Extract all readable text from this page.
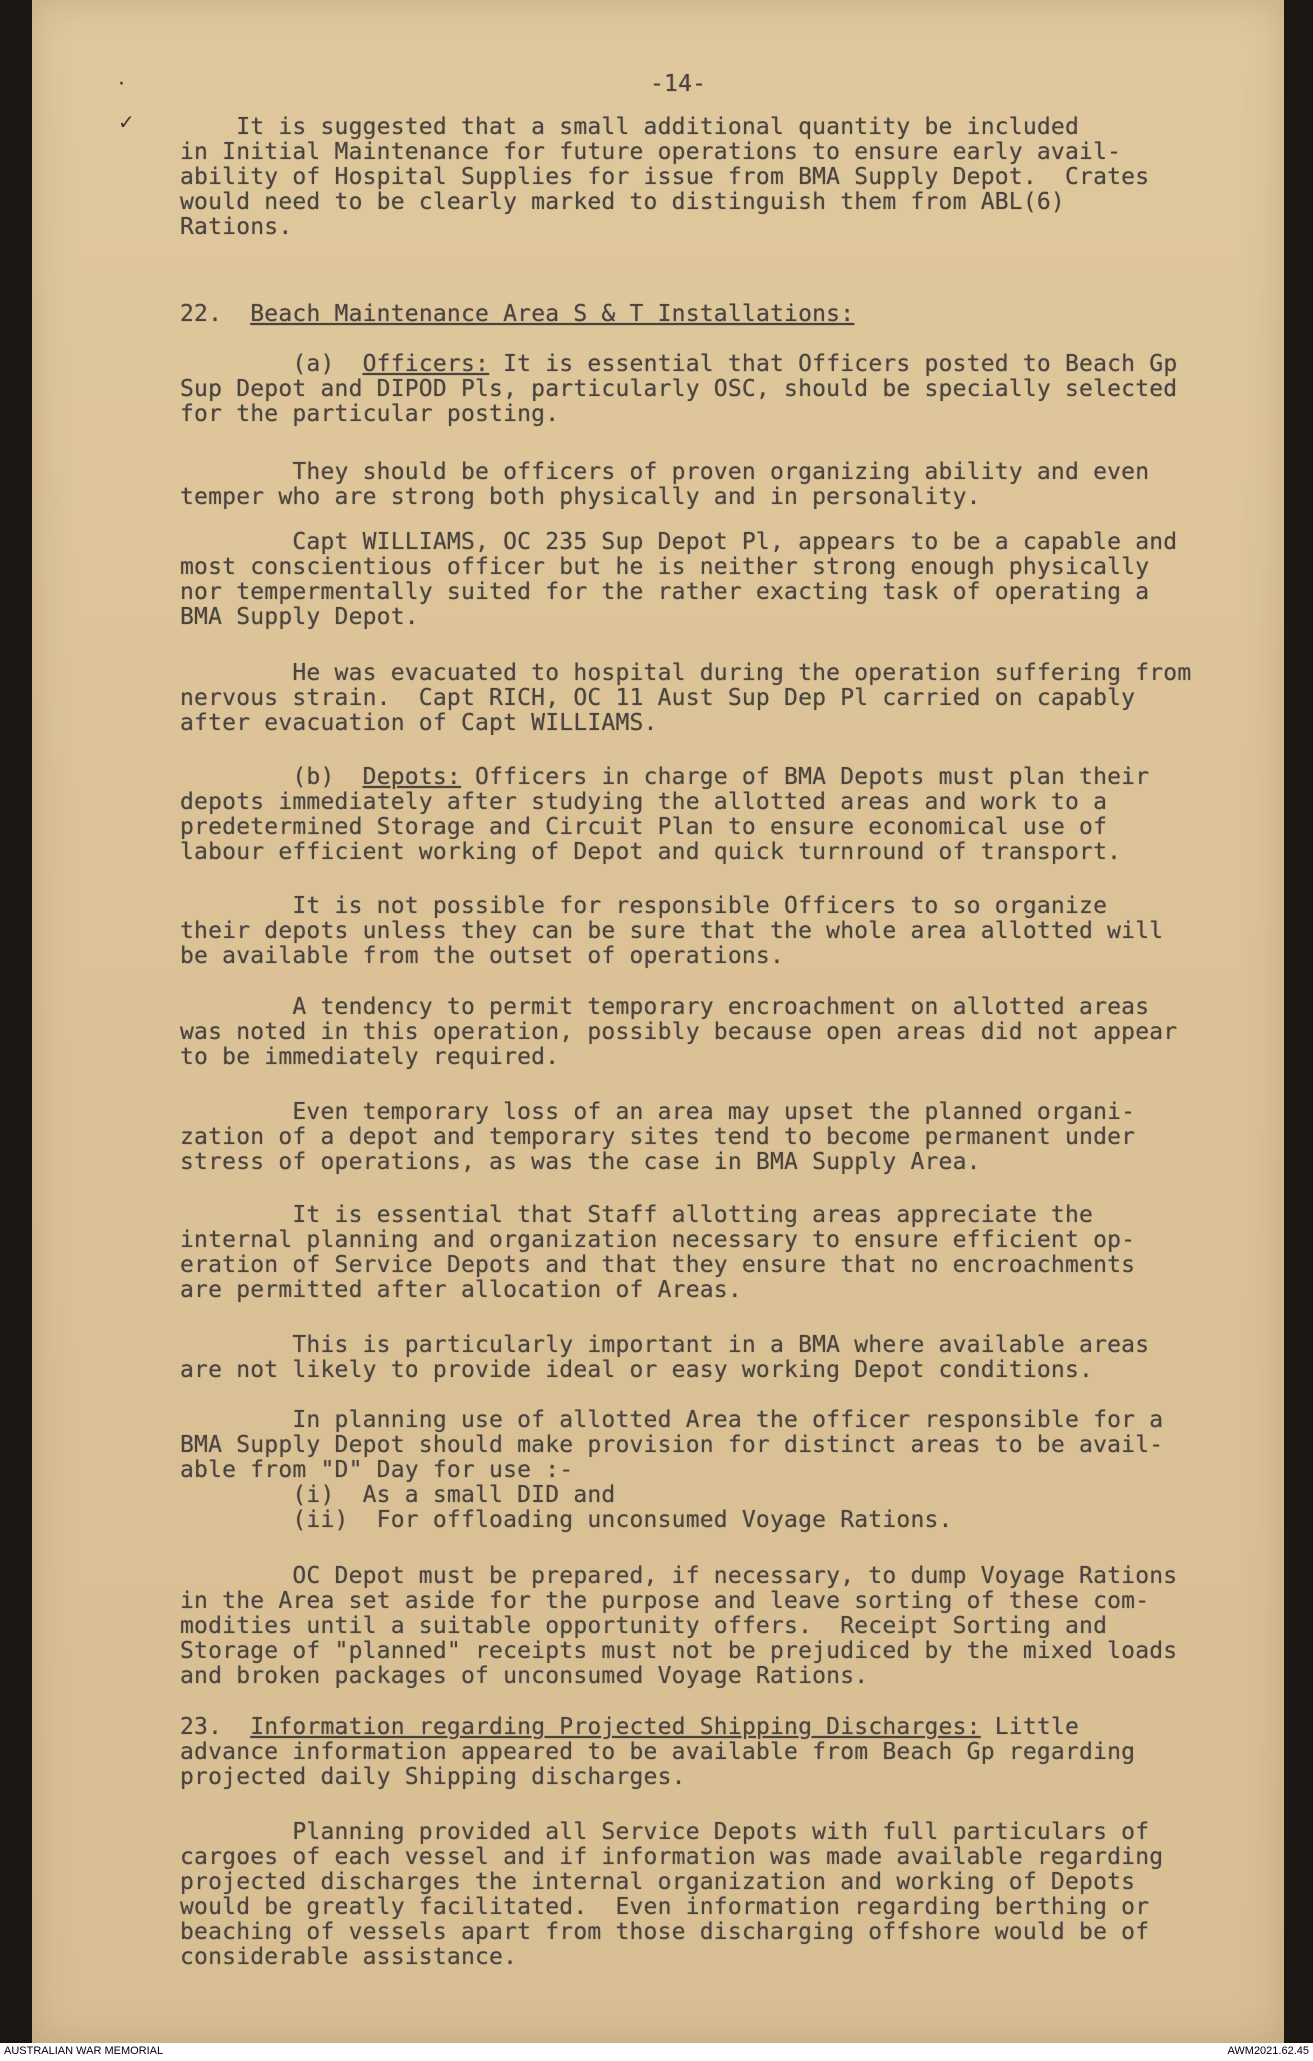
·
✓
-14-
It is suggested that a small additional quantity be included
in Initial Maintenance for future operations to ensure early avail-
ability of Hospital Supplies for issue from BMA Supply Depot.  Crates
would need to be clearly marked to distinguish them from ABL(6)
Rations.
22.  Beach Maintenance Area S & T Installations:
(a)  Officers: It is essential that Officers posted to Beach Gp
Sup Depot and DIPOD Pls, particularly OSC, should be specially selected
for the particular posting.
They should be officers of proven organizing ability and even
temper who are strong both physically and in personality.
Capt WILLIAMS, OC 235 Sup Depot Pl, appears to be a capable and
most conscientious officer but he is neither strong enough physically
nor tempermentally suited for the rather exacting task of operating a
BMA Supply Depot.
He was evacuated to hospital during the operation suffering from
nervous strain.  Capt RICH, OC 11 Aust Sup Dep Pl carried on capably
after evacuation of Capt WILLIAMS.
(b)  Depots: Officers in charge of BMA Depots must plan their
depots immediately after studying the allotted areas and work to a
predetermined Storage and Circuit Plan to ensure economical use of
labour efficient working of Depot and quick turnround of transport.
It is not possible for responsible Officers to so organize
their depots unless they can be sure that the whole area allotted will
be available from the outset of operations.
A tendency to permit temporary encroachment on allotted areas
was noted in this operation, possibly because open areas did not appear
to be immediately required.
Even temporary loss of an area may upset the planned organi-
zation of a depot and temporary sites tend to become permanent under
stress of operations, as was the case in BMA Supply Area.
It is essential that Staff allotting areas appreciate the
internal planning and organization necessary to ensure efficient op-
eration of Service Depots and that they ensure that no encroachments
are permitted after allocation of Areas.
This is particularly important in a BMA where available areas
are not likely to provide ideal or easy working Depot conditions.
In planning use of allotted Area the officer responsible for a
BMA Supply Depot should make provision for distinct areas to be avail-
able from "D" Day for use :-
(i)  As a small DID and
(ii)  For offloading unconsumed Voyage Rations.
OC Depot must be prepared, if necessary, to dump Voyage Rations
in the Area set aside for the purpose and leave sorting of these com-
modities until a suitable opportunity offers.  Receipt Sorting and
Storage of "planned" receipts must not be prejudiced by the mixed loads
and broken packages of unconsumed Voyage Rations.
23.  Information regarding Projected Shipping Discharges: Little
advance information appeared to be available from Beach Gp regarding
projected daily Shipping discharges.
Planning provided all Service Depots with full particulars of
cargoes of each vessel and if information was made available regarding
projected discharges the internal organization and working of Depots
would be greatly facilitated.  Even information regarding berthing or
beaching of vessels apart from those discharging offshore would be of
considerable assistance.
AUSTRALIAN WAR MEMORIAL	AWM2021.62.45
